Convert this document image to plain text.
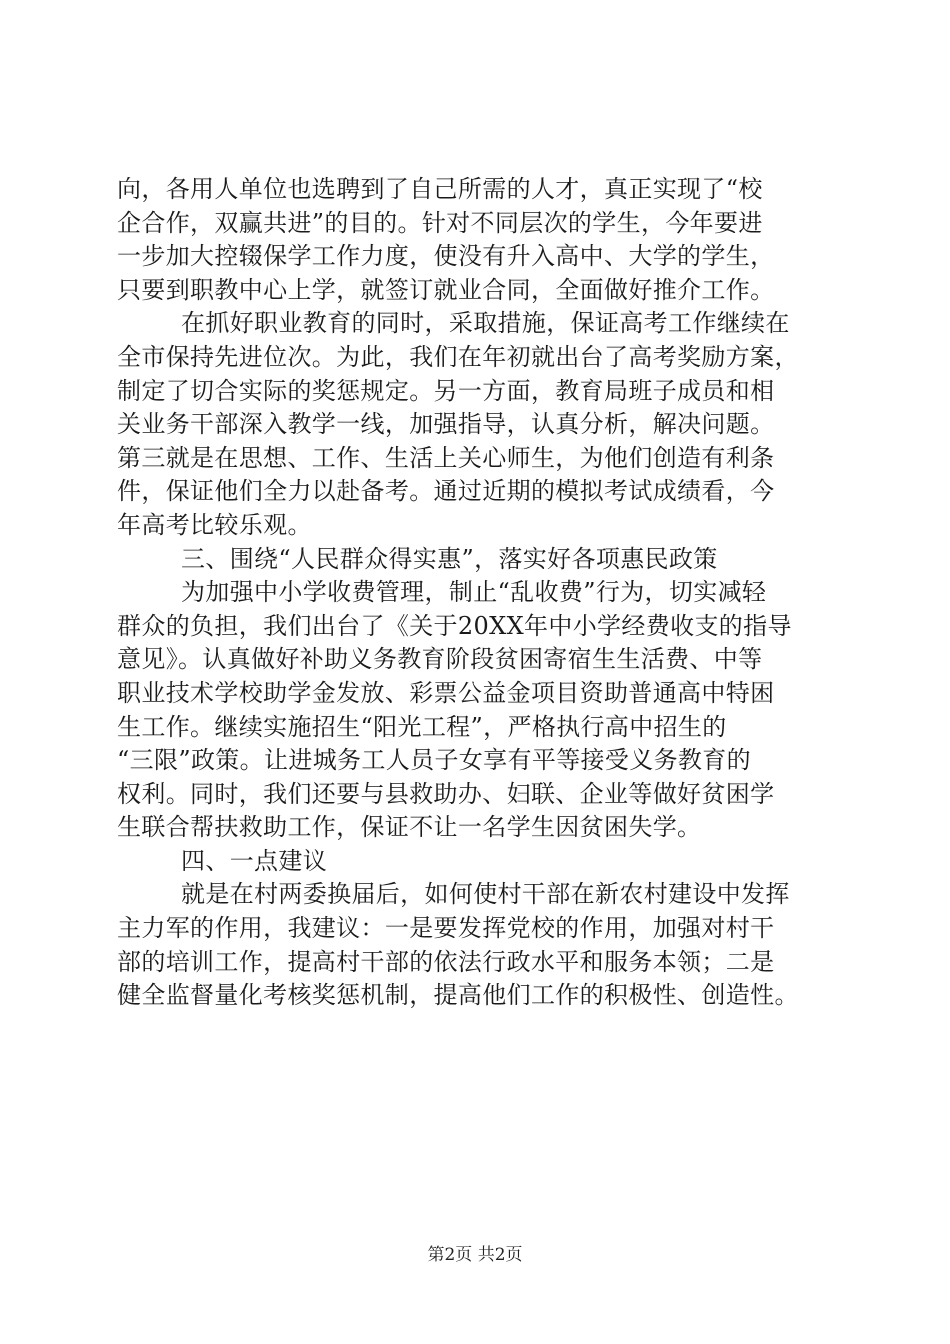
向，各用人单位也选聘到了自己所需的人才，真正实现了“校
企合作，双赢共进”的目的。针对不同层次的学生，今年要进
一步加大控辍保学工作力度，使没有升入高中、大学的学生，
只要到职教中心上学，就签订就业合同，全面做好推介工作。
在抓好职业教育的同时，采取措施，保证高考工作继续在
全市保持先进位次。为此，我们在年初就出台了高考奖励方案，
制定了切合实际的奖惩规定。另一方面，教育局班子成员和相
关业务干部深入教学一线，加强指导，认真分析，解决问题。
第三就是在思想、工作、生活上关心师生，为他们创造有利条
件，保证他们全力以赴备考。通过近期的模拟考试成绩看，今
年高考比较乐观。
三、围绕“人民群众得实惠”，落实好各项惠民政策
为加强中小学收费管理，制止“乱收费”行为，切实减轻
群众的负担，我们出台了《关于20XX年中小学经费收支的指导
意见》。认真做好补助义务教育阶段贫困寄宿生生活费、中等
职业技术学校助学金发放、彩票公益金项目资助普通高中特困
生工作。继续实施招生“阳光工程”，严格执行高中招生的
“三限”政策。让进城务工人员子女享有平等接受义务教育的
权利。同时，我们还要与县救助办、妇联、企业等做好贫困学
生联合帮扶救助工作，保证不让一名学生因贫困失学。
四、一点建议
就是在村两委换届后，如何使村干部在新农村建设中发挥
主力军的作用，我建议：一是要发挥党校的作用，加强对村干
部的培训工作，提高村干部的依法行政水平和服务本领；二是
健全监督量化考核奖惩机制，提高他们工作的积极性、创造性。
第2页 共2页
